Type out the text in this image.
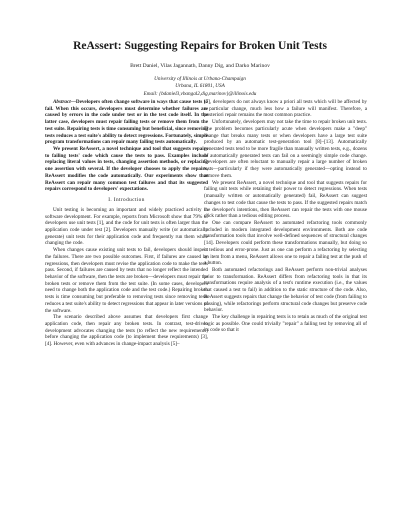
ReAssert: Suggesting Repairs for Broken Unit Tests
Brett Daniel, Vilas Jagannath, Danny Dig, and Darko Marinov
University of Illinois at Urbana-Champaign
Urbana, IL 61801, USA
Email: {bdaniel3,vbangal2,dig,marinov}@illinois.edu

Abstract—Developers often change software in ways that cause tests to fail. When this occurs, developers must determine whether failures are caused by errors in the code under test or in the test code itself. In the latter case, developers must repair failing tests or remove them from the test suite. Repairing tests is time consuming but beneficial, since removing tests reduces a test suite's ability to detect regressions. Fortunately, simple program transformations can repair many failing tests automatically.

We present ReAssert, a novel technique and tool that suggests repairs to failing tests' code which cause the tests to pass. Examples include replacing literal values in tests, changing assertion methods, or replacing one assertion with several. If the developer chooses to apply the repairs, ReAssert modifies the code automatically. Our experiments show that ReAssert can repair many common test failures and that its suggested repairs correspond to developers' expectations.

I. Introduction

Unit testing is becoming an important and widely practiced activity in software development. For example, reports from Microsoft show that 79% of developers use unit tests [1], and the code for unit tests is often larger than the application code under test [2]. Developers manually write (or automatically generate) unit tests for their application code and frequently run them while changing the code.

When changes cause existing unit tests to fail, developers should inspect the failures. There are two possible outcomes. First, if failures are caused by regressions, then developers must revise the application code to make the tests pass. Second, if failures are caused by tests that no longer reflect the intended behavior of the software, then the tests are broken—developers must repair the broken tests or remove them from the test suite. (In some cases, developers need to change both the application code and the test code.) Repairing broken tests is time consuming but preferable to removing tests since removing tests reduces a test suite's ability to detect regressions that appear in later versions of the software.

The scenario described above assumes that developers first change application code, then repair any broken tests. In contrast, test-driven development advocates changing the tests (to reflect the new requirements) before changing the application code (to implement these requirements) [3], [4]. However, even with advances in change-impact analysis [5]–

[7], developers do not always know a priori all tests which will be affected by a particular change, much less how a failure will manifest. Therefore, a posteriori repair remains the most common practice.

Unfortunately, developers may not take the time to repair broken unit tests. The problem becomes particularly acute when developers make a "deep" change that breaks many tests or when developers have a large test suite produced by an automatic test-generation tool [8]–[13]. Automatically generated tests tend to be more fragile than manually written tests, e.g., dozens of automatically generated tests can fail on a seemingly simple code change. Developers are often reluctant to manually repair a large number of broken tests—particularly if they were automatically generated—opting instead to remove them.

We present ReAssert, a novel technique and tool that suggests repairs for failing unit tests while retaining their power to detect regressions. When tests (manually written or automatically generated) fail, ReAssert can suggest changes to test code that cause the tests to pass. If the suggested repairs match the developer's intentions, then ReAssert can repair the tests with one mouse click rather than a tedious editing process.

One can compare ReAssert to automated refactoring tools commonly included in modern integrated development environments. Both are code transformation tools that involve well-defined sequences of structural changes [14]. Developers could perform these transformations manually, but doing so is tedious and error-prone. Just as one can perform a refactoring by selecting an item from a menu, ReAssert allows one to repair a failing test at the push of a button.

Both automated refactorings and ReAssert perform non-trivial analyses prior to transformation. ReAssert differs from refactoring tools in that its transformations require analysis of a test's runtime execution (i.e., the values that caused a test to fail) in addition to the static structure of the code. Also, ReAssert suggests repairs that change the behavior of test code (from failing to passing), while refactorings perform structural code changes but preserve code behavior.

The key challenge in repairing tests is to retain as much of the original test logic as possible. One could trivially "repair" a failing test by removing all of its code so that it
